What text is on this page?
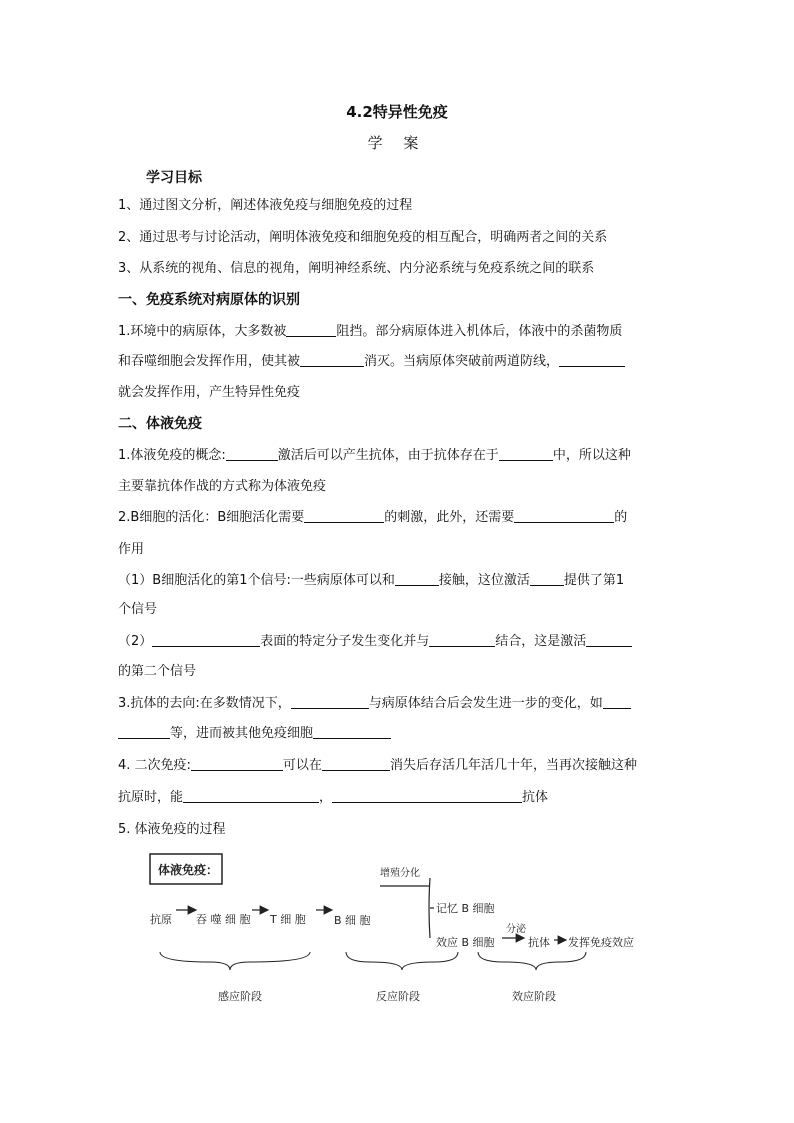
4.2特异性免疫
学 案
学习目标
1、通过图文分析，阐述体液免疫与细胞免疫的过程
2、通过思考与讨论活动，阐明体液免疫和细胞免疫的相互配合，明确两者之间的关系
3、从系统的视角、信息的视角，阐明神经系统、内分泌系统与免疫系统之间的联系
一、免疫系统对病原体的识别
1.环境中的病原体，大多数被	阻挡。部分病原体进入机体后，体液中的杀菌物质
和吞噬细胞会发挥作用，使其被	消灭。当病原体突破前两道防线，
就会发挥作用，产生特异性免疫
二、体液免疫
1.体液免疫的概念:	激活后可以产生抗体，由于抗体存在于	中，所以这种
主要靠抗体作战的方式称为体液免疫
2.B细胞的活化：B细胞活化需要	的刺激，此外，还需要	的
作用
（1）B细胞活化的第1个信号:一些病原体可以和	接触，这位激活	提供了第1
个信号
（2）	表面的特定分子发生变化并与	结合，这是激活
的第二个信号
3.抗体的去向:在多数情况下，	与病原体结合后会发生进一步的变化，如
等，进而被其他免疫细胞
4. 二次免疫:	可以在	消失后存活几年活几十年，当再次接触这种
抗原时，能	，	抗体
5. 体液免疫的过程
体液免疫：
抗原 吞 噬 细 胞 T 细 胞	B 细 胞
增殖分化
记忆 B 细胞
效应 B 细胞
分泌
抗体 发挥免疫效应
感应阶段	反应阶段	效应阶段
